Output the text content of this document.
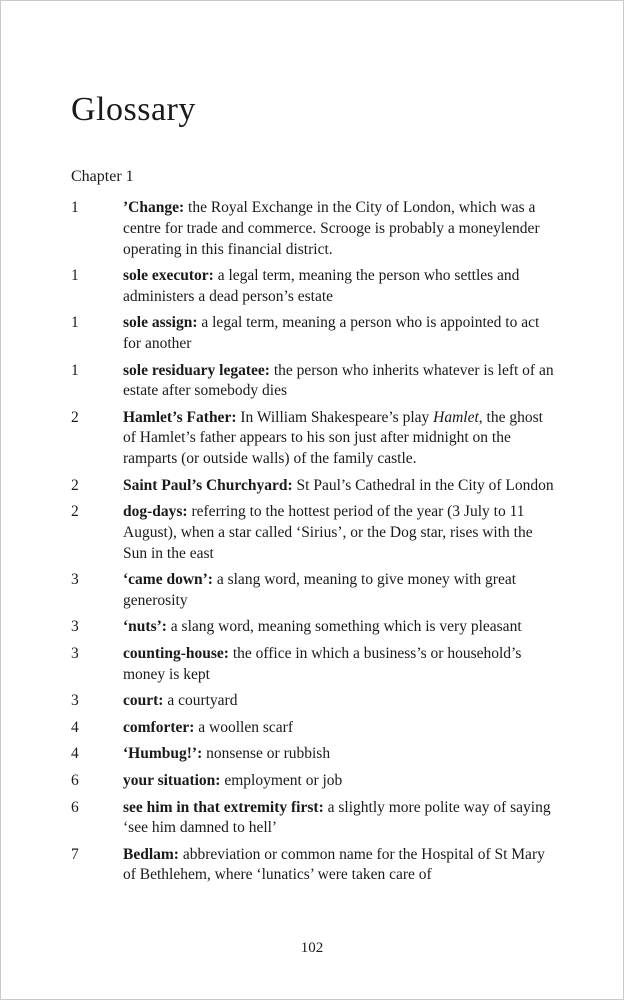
Glossary
Chapter 1
1	’Change: the Royal Exchange in the City of London, which was a centre for trade and commerce. Scrooge is probably a moneylender operating in this financial district.
1	sole executor: a legal term, meaning the person who settles and administers a dead person’s estate
1	sole assign: a legal term, meaning a person who is appointed to act for another
1	sole residuary legatee: the person who inherits whatever is left of an estate after somebody dies
2	Hamlet’s Father: In William Shakespeare’s play Hamlet, the ghost of Hamlet’s father appears to his son just after midnight on the ramparts (or outside walls) of the family castle.
2	Saint Paul’s Churchyard: St Paul’s Cathedral in the City of London
2	dog-days: referring to the hottest period of the year (3 July to 11 August), when a star called ‘Sirius’, or the Dog star, rises with the Sun in the east
3	‘came down’: a slang word, meaning to give money with great generosity
3	‘nuts’: a slang word, meaning something which is very pleasant
3	counting-house: the office in which a business’s or household’s money is kept
3	court: a courtyard
4	comforter: a woollen scarf
4	‘Humbug!’: nonsense or rubbish
6	your situation: employment or job
6	see him in that extremity first: a slightly more polite way of saying ‘see him damned to hell’
7	Bedlam: abbreviation or common name for the Hospital of St Mary of Bethlehem, where ‘lunatics’ were taken care of
102
